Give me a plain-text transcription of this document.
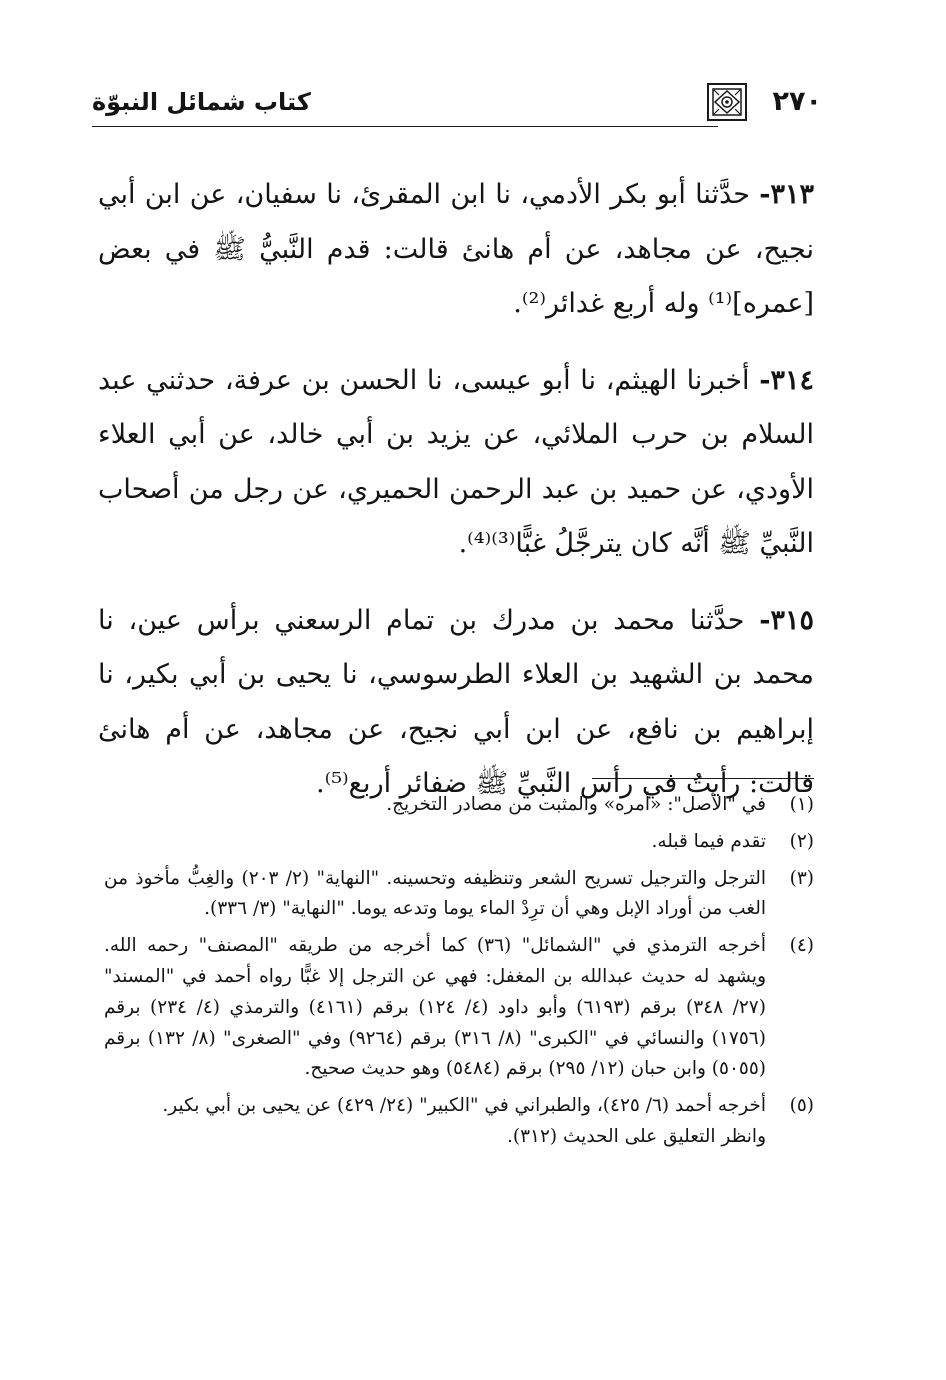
٢٧٠
كتاب شمائل النبوّة

٣١٣- حدَّثنا أبو بكر الأدمي، نا ابن المقرئ، نا سفيان، عن ابن أبي نجيح، عن مجاهد، عن أم هانئ قالت: قدم النَّبيُّ ﷺ في بعض [عمره]⁽¹⁾ وله أربع غدائر⁽²⁾.

٣١٤- أخبرنا الهيثم، نا أبو عيسى، نا الحسن بن عرفة، حدثني عبد السلام بن حرب الملائي، عن يزيد بن أبي خالد، عن أبي العلاء الأودي، عن حميد بن عبد الرحمن الحميري، عن رجل من أصحاب النَّبيِّ ﷺ أنَّه كان يترجَّلُ غبًّا⁽³⁾⁽⁴⁾.

٣١٥- حدَّثنا محمد بن مدرك بن تمام الرسعني برأس عين، نا محمد بن الشهيد بن العلاء الطرسوسي، نا يحيى بن أبي بكير، نا إبراهيم بن نافع، عن ابن أبي نجيح، عن مجاهد، عن أم هانئ قالت: رأيتُ في رأس النَّبيِّ ﷺ ضفائر أربع⁽⁵⁾.

(١)
في "الأصل": «أمره» والمثبت من مصادر التخريج.
(٢)
تقدم فيما قبله.
(٣)
الترجل والترجيل تسريح الشعر وتنظيفه وتحسينه. "النهاية" (٢/ ٢٠٣) والغِبُّ مأخوذ من الغب من أوراد الإبل وهي أن ترِدْ الماء يوما وتدعه يوما. "النهاية" (٣/ ٣٣٦).
(٤)
أخرجه الترمذي في "الشمائل" (٣٦) كما أخرجه من طريقه "المصنف" رحمه الله. ويشهد له حديث عبدالله بن المغفل: فهي عن الترجل إلا غبًّا رواه أحمد في "المسند" (٢٧/ ٣٤٨) برقم (٦١٩٣) وأبو داود (٤/ ١٢٤) برقم (٤١٦١) والترمذي (٤/ ٢٣٤) برقم (١٧٥٦) والنسائي في "الكبرى" (٨/ ٣١٦) برقم (٩٢٦٤) وفي "الصغرى" (٨/ ١٣٢) برقم (٥٠٥٥) وابن حبان (١٢/ ٢٩٥) برقم (٥٤٨٤) وهو حديث صحيح.
(٥)
أخرجه أحمد (٦/ ٤٢٥)، والطبراني في "الكبير" (٢٤/ ٤٢٩) عن يحيى بن أبي بكير.
وانظر التعليق على الحديث (٣١٢).
